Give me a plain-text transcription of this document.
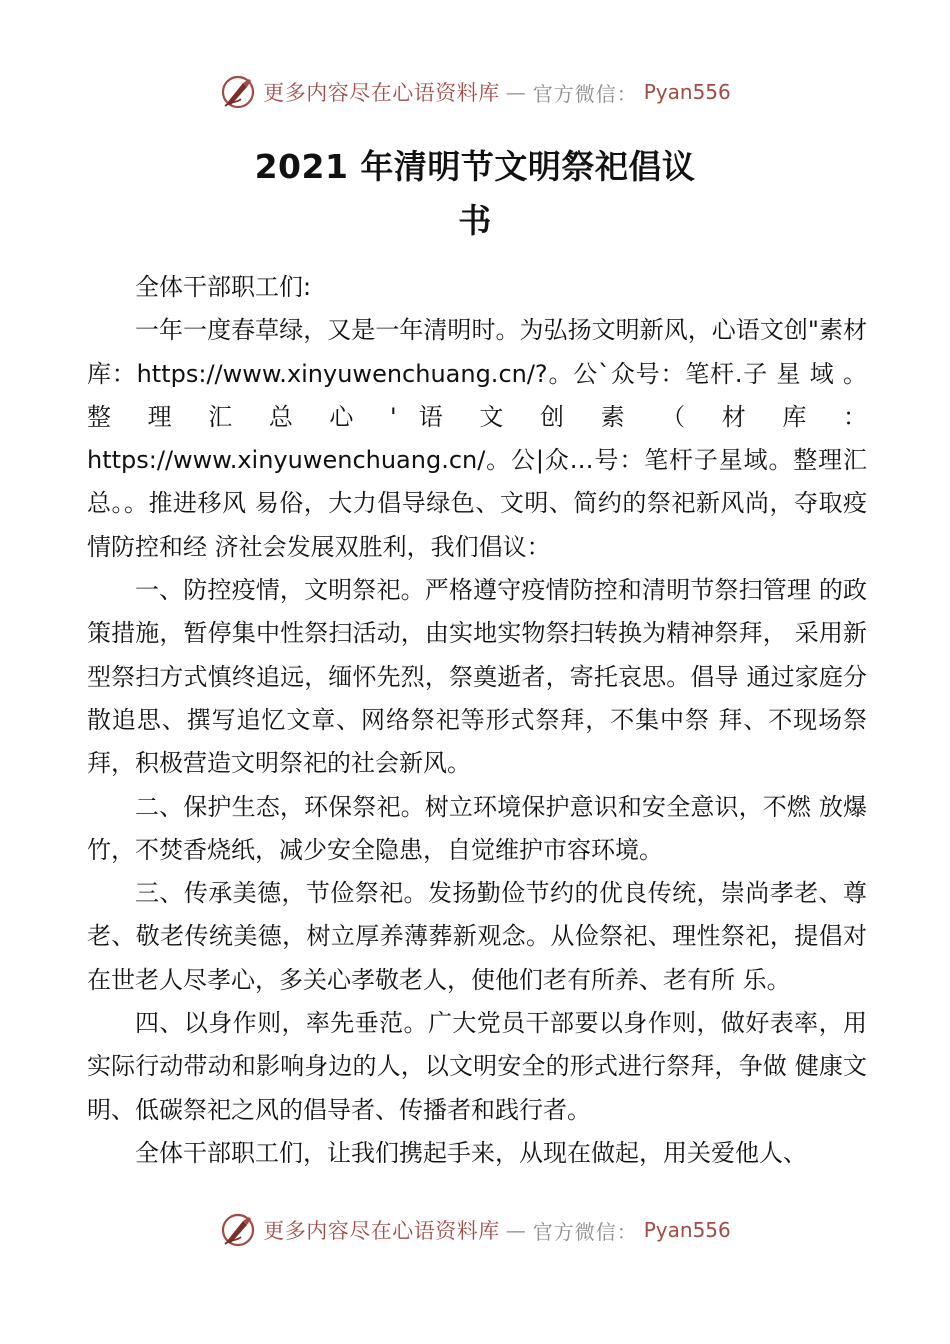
更多内容尽在心语资料库 — 官方微信： Pyan556
2021 年清明节文明祭祀倡议
书

全体干部职工们:

一年一度春草绿，又是一年清明时。为弘扬文明新风，心语文创"素材库：https://www.xinyuwenchuang.cn/?。公`众号：笔杆.子 星 域 。 整 理 汇 总 心 ' 语 文 创 素 （ 材 库 ： https://www.xinyuwenchuang.cn/。公|众…号：笔杆子星域。整理汇总。。推进移风 易俗，大力倡导绿色、文明、简约的祭祀新风尚，夺取疫情防控和经 济社会发展双胜利，我们倡议：

一、防控疫情，文明祭祀。严格遵守疫情防控和清明节祭扫管理 的政策措施，暂停集中性祭扫活动，由实地实物祭扫转换为精神祭拜， 采用新型祭扫方式慎终追远，缅怀先烈，祭奠逝者，寄托哀思。倡导 通过家庭分散追思、撰写追忆文章、网络祭祀等形式祭拜，不集中祭 拜、不现场祭拜，积极营造文明祭祀的社会新风。

二、保护生态，环保祭祀。树立环境保护意识和安全意识，不燃 放爆竹，不焚香烧纸，减少安全隐患，自觉维护市容环境。

三、传承美德，节俭祭祀。发扬勤俭节约的优良传统，崇尚孝老、尊老、敬老传统美德，树立厚养薄葬新观念。从俭祭祀、理性祭祀，提倡对在世老人尽孝心，多关心孝敬老人，使他们老有所养、老有所 乐。

四、以身作则，率先垂范。广大党员干部要以身作则，做好表率，用实际行动带动和影响身边的人，以文明安全的形式进行祭拜，争做 健康文明、低碳祭祀之风的倡导者、传播者和践行者。

全体干部职工们，让我们携起手来，从现在做起，用关爱他人、

更多内容尽在心语资料库 — 官方微信： Pyan556
